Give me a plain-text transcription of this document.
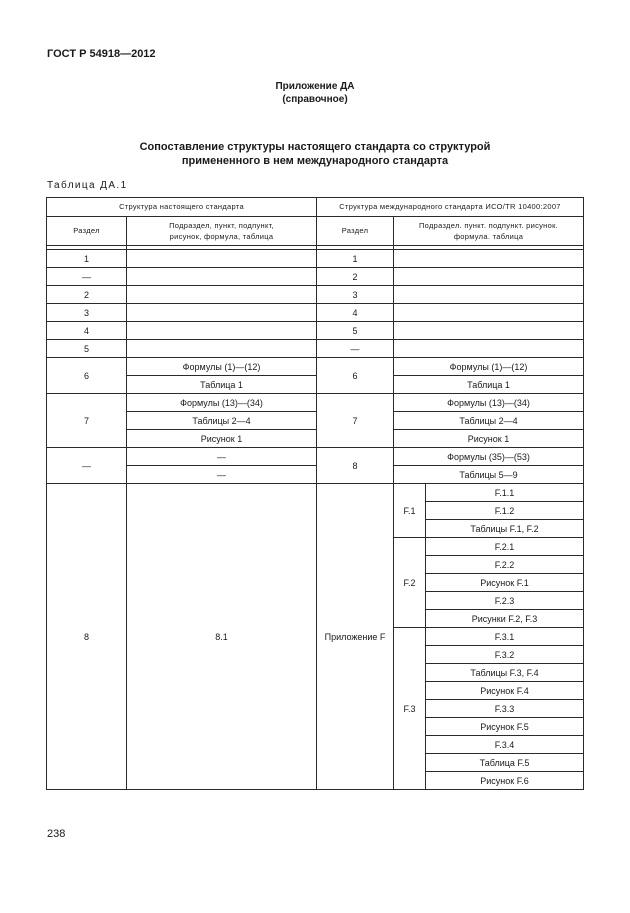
ГОСТ Р 54918—2012
Приложение ДА
(справочное)
Сопоставление структуры настоящего стандарта со структурой
примененного в нем международного стандарта
Таблица ДА.1
Структура настоящего стандарта		Структура международного стандарта ИСО/TR 10400:2007		
Раздел	Подраздел, пункт, подпункт, рисунок, формула, таблица	Раздел	Подраздел. пункт. подпункт. рисунок. формула. таблица	

1		1		
—		2		
2		3		
3		4		
4		5		
5		—		
6	Формулы (1)—(12)	6	Формулы (1)—(12)	
	Таблица 1		Таблица 1	
7	Формулы (13)—(34)	7	Формулы (13)—(34)	
	Таблицы 2—4		Таблицы 2—4	
	Рисунок 1		Рисунок 1	
—	—	8	Формулы (35)—(53)	
	—		Таблицы 5—9	
8	8.1	Приложение F	F.1	F.1.1
				F.1.2
				Таблицы F.1, F.2
			F.2	F.2.1
				F.2.2
				Рисунок F.1
				F.2.3
				Рисунки F.2, F.3
			F.3	F.3.1
				F.3.2
				Таблицы F.3, F.4
				Рисунок F.4
				F.3.3
				Рисунок F.5
				F.3.4
				Таблица F.5
				Рисунок F.6
238
